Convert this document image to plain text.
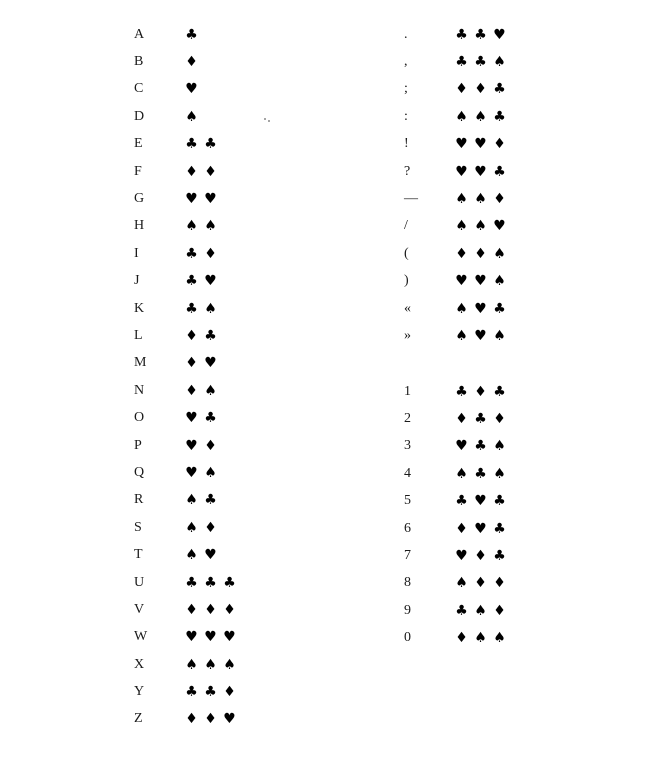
A	♣
B	♦
C	♥
D	♠
E	♣ ♣
F	♦ ♦
G	♥ ♥
H	♠ ♠
I	♣ ♦
J	♣ ♥
K	♣ ♠
L	♦ ♣
M	♦ ♥
N	♦ ♠
O	♥ ♣
P	♥ ♦
Q	♥ ♠
R	♠ ♣
S	♠ ♦
T	♠ ♥
U	♣ ♣ ♣
V	♦ ♦ ♦
W	♥ ♥ ♥
X	♠ ♠ ♠
Y	♣ ♣ ♦
Z	♦ ♦ ♥
.	♣ ♣ ♥
,	♣ ♣ ♠
;	♦ ♦ ♣
:	♠ ♠ ♣
!	♥ ♥ ♦
?	♥ ♥ ♣
—	♠ ♠ ♦
/	♠ ♠ ♥
(	♦ ♦ ♠
)	♥ ♥ ♠
«	♠ ♥ ♣
»	♠ ♥ ♠
1	♣ ♦ ♣
2	♦ ♣ ♦
3	♥ ♣ ♠
4	♠ ♣ ♠
5	♣ ♥ ♣
6	♦ ♥ ♣
7	♥ ♦ ♣
8	♠ ♦ ♦
9	♣ ♠ ♦
0	♦ ♠ ♠
